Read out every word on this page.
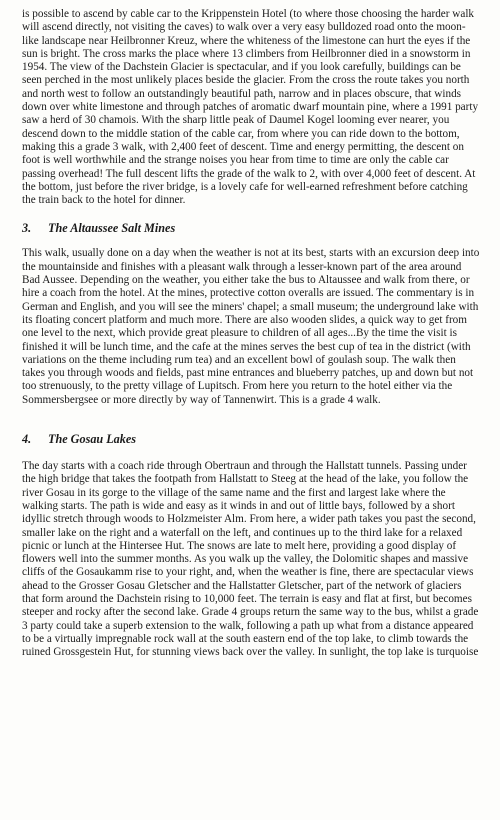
is possible to ascend by cable car to the Krippenstein Hotel (to where those choosing the harder walk will ascend directly, not visiting the caves) to walk over a very easy bulldozed road onto the moon-like landscape near Heilbronner Kreuz, where the whiteness of the limestone can hurt the eyes if the sun is bright. The cross marks the place where 13 climbers from Heilbronner died in a snowstorm in 1954. The view of the Dachstein Glacier is spectacular, and if you look carefully, buildings can be seen perched in the most unlikely places beside the glacier. From the cross the route takes you north and north west to follow an outstandingly beautiful path, narrow and in places obscure, that winds down over white limestone and through patches of aromatic dwarf mountain pine, where a 1991 party saw a herd of 30 chamois. With the sharp little peak of Daumel Kogel looming ever nearer, you descend down to the middle station of the cable car, from where you can ride down to the bottom, making this a grade 3 walk, with 2,400 feet of descent. Time and energy permitting, the descent on foot is well worthwhile and the strange noises you hear from time to time are only the cable car passing overhead! The full descent lifts the grade of the walk to 2, with over 4,000 feet of descent. At the bottom, just before the river bridge, is a lovely cafe for well-earned refreshment before catching the train back to the hotel for dinner.

3. The Altaussee Salt Mines

This walk, usually done on a day when the weather is not at its best, starts with an excursion deep into the mountainside and finishes with a pleasant walk through a lesser-known part of the area around Bad Aussee. Depending on the weather, you either take the bus to Altaussee and walk from there, or hire a coach from the hotel. At the mines, protective cotton overalls are issued. The commentary is in German and English, and you will see the miners' chapel; a small museum; the underground lake with its floating concert platform and much more. There are also wooden slides, a quick way to get from one level to the next, which provide great pleasure to children of all ages...By the time the visit is finished it will be lunch time, and the cafe at the mines serves the best cup of tea in the district (with variations on the theme including rum tea) and an excellent bowl of goulash soup. The walk then takes you through woods and fields, past mine entrances and blueberry patches, up and down but not too strenuously, to the pretty village of Lupitsch. From here you return to the hotel either via the Sommersbergsee or more directly by way of Tannenwirt. This is a grade 4 walk.

4. The Gosau Lakes

The day starts with a coach ride through Obertraun and through the Hallstatt tunnels. Passing under the high bridge that takes the footpath from Hallstatt to Steeg at the head of the lake, you follow the river Gosau in its gorge to the village of the same name and the first and largest lake where the walking starts. The path is wide and easy as it winds in and out of little bays, followed by a short idyllic stretch through woods to Holzmeister Alm. From here, a wider path takes you past the second, smaller lake on the right and a waterfall on the left, and continues up to the third lake for a relaxed picnic or lunch at the Hintersee Hut. The snows are late to melt here, providing a good display of flowers well into the summer months. As you walk up the valley, the Dolomitic shapes and massive cliffs of the Gosaukamm rise to your right, and, when the weather is fine, there are spectacular views ahead to the Grosser Gosau Gletscher and the Hallstatter Gletscher, part of the network of glaciers that form around the Dachstein rising to 10,000 feet. The terrain is easy and flat at first, but becomes steeper and rocky after the second lake. Grade 4 groups return the same way to the bus, whilst a grade 3 party could take a superb extension to the walk, following a path up what from a distance appeared to be a virtually impregnable rock wall at the south eastern end of the top lake, to climb towards the ruined Grossgestein Hut, for stunning views back over the valley. In sunlight, the top lake is turquoise
